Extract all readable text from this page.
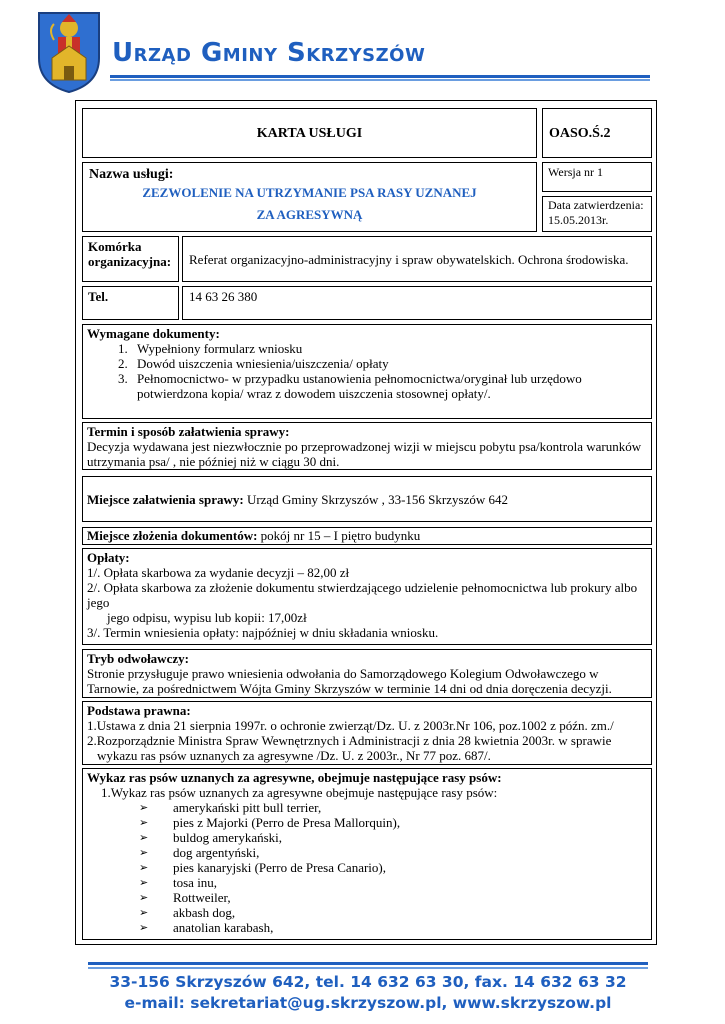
Urząd Gminy Skrzyszów
KARTA USŁUGI	OASO.Ś.2
Nazwa usługi:
ZEZWOLENIE NA UTRZYMANIE PSA RASY UZNANEJ
ZA AGRESYWNĄ
Wersja nr 1
Data zatwierdzenia:
15.05.2013r.
Komórka organizacyjna:	Referat organizacyjno-administracyjny i spraw obywatelskich. Ochrona środowiska.
Tel.	14 63 26 380
Wymagane dokumenty:
1. Wypełniony formularz wniosku
2. Dowód uiszczenia wniesienia/uiszczenia/ opłaty
3. Pełnomocnictwo- w przypadku ustanowienia pełnomocnictwa/oryginał lub urzędowo potwierdzona kopia/ wraz z dowodem uiszczenia stosownej opłaty/.
Termin i sposób załatwienia sprawy:
Decyzja wydawana jest niezwłocznie po przeprowadzonej wizji w miejscu pobytu psa/kontrola warunków utrzymania psa/ , nie później niż w ciągu 30 dni.
Miejsce załatwienia sprawy: Urząd Gminy Skrzyszów , 33-156 Skrzyszów 642
Miejsce złożenia dokumentów: pokój nr 15 – I piętro budynku
Opłaty:
1/. Opłata skarbowa za wydanie decyzji – 82,00 zł
2/. Opłata skarbowa za złożenie dokumentu stwierdzającego udzielenie pełnomocnictwa lub prokury albo jego
jego odpisu, wypisu lub kopii: 17,00zł
3/. Termin wniesienia opłaty: najpóźniej w dniu składania wniosku.
Tryb odwoławczy:
Stronie przysługuje prawo wniesienia odwołania do Samorządowego Kolegium Odwoławczego w Tarnowie, za pośrednictwem Wójta Gminy Skrzyszów w terminie 14 dni od dnia doręczenia decyzji.
Podstawa prawna:
1.Ustawa z dnia 21 sierpnia 1997r. o ochronie zwierząt/Dz. U. z 2003r.Nr 106, poz.1002 z późn. zm./
2.Rozporządznie Ministra Spraw Wewnętrznych i Administracji z dnia 28 kwietnia 2003r. w sprawie
wykazu ras psów uznanych za agresywne /Dz. U. z 2003r., Nr 77 poz. 687/.
Wykaz ras psów uznanych za agresywne, obejmuje następujące rasy psów:
1.Wykaz ras psów uznanych za agresywne obejmuje następujące rasy psów:
➢	amerykański pitt bull terrier,
➢	pies z Majorki (Perro de Presa Mallorquin),
➢	buldog amerykański,
➢	dog argentyński,
➢	pies kanaryjski (Perro de Presa Canario),
➢	tosa inu,
➢	Rottweiler,
➢	akbash dog,
➢	anatolian karabash,
33-156 Skrzyszów 642, tel. 14 632 63 30, fax. 14 632 63 32
e-mail: sekretariat@ug.skrzyszow.pl, www.skrzyszow.pl
